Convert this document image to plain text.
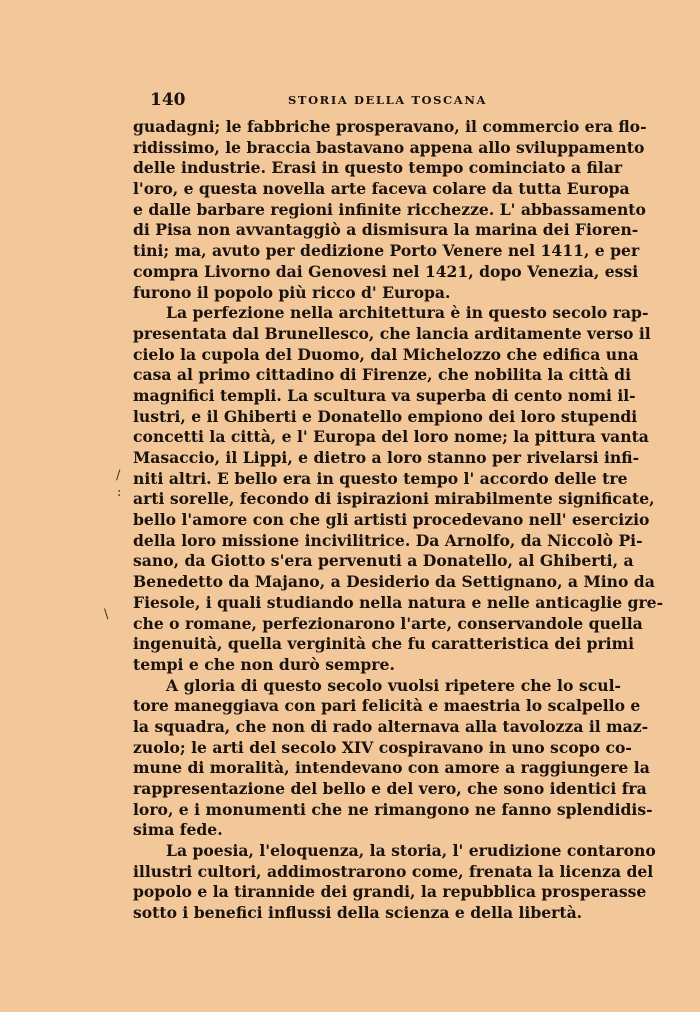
140	STORIA DELLA TOSCANA
/
:
\
guadagni; le fabbriche prosperavano, il commercio era flo-
ridissimo, le braccia bastavano appena allo sviluppamento
delle industrie. Erasi in questo tempo cominciato a filar
l'oro, e questa novella arte faceva colare da tutta Europa
e dalle barbare regioni infinite ricchezze. L' abbassamento
di Pisa non avvantaggiò a dismisura la marina dei Fioren-
tini; ma, avuto per dedizione Porto Venere nel 1411, e per
compra Livorno dai Genovesi nel 1421, dopo Venezia, essi
furono il popolo più ricco d' Europa.
La perfezione nella architettura è in questo secolo rap-
presentata dal Brunellesco, che lancia arditamente verso il
cielo la cupola del Duomo, dal Michelozzo che edifica una
casa al primo cittadino di Firenze, che nobilita la città di
magnifici templi. La scultura va superba di cento nomi il-
lustri, e il Ghiberti e Donatello empiono dei loro stupendi
concetti la città, e l' Europa del loro nome; la pittura vanta
Masaccio, il Lippi, e dietro a loro stanno per rivelarsi infi-
niti altri. E bello era in questo tempo l' accordo delle tre
arti sorelle, fecondo di ispirazioni mirabilmente significate,
bello l'amore con che gli artisti procedevano nell' esercizio
della loro missione incivilitrice. Da Arnolfo, da Niccolò Pi-
sano, da Giotto s'era pervenuti a Donatello, al Ghiberti, a
Benedetto da Majano, a Desiderio da Settignano, a Mino da
Fiesole, i quali studiando nella natura e nelle anticaglie gre-
che o romane, perfezionarono l'arte, conservandole quella
ingenuità, quella verginità che fu caratteristica dei primi
tempi e che non durò sempre.
A gloria di questo secolo vuolsi ripetere che lo scul-
tore maneggiava con pari felicità e maestria lo scalpello e
la squadra, che non di rado alternava alla tavolozza il maz-
zuolo; le arti del secolo XIV cospiravano in uno scopo co-
mune di moralità, intendevano con amore a raggiungere la
rappresentazione del bello e del vero, che sono identici fra
loro, e i monumenti che ne rimangono ne fanno splendidis-
sima fede.
La poesia, l'eloquenza, la storia, l' erudizione contarono
illustri cultori, addimostrarono come, frenata la licenza del
popolo e la tirannide dei grandi, la repubblica prosperasse
sotto i benefici influssi della scienza e della libertà.
